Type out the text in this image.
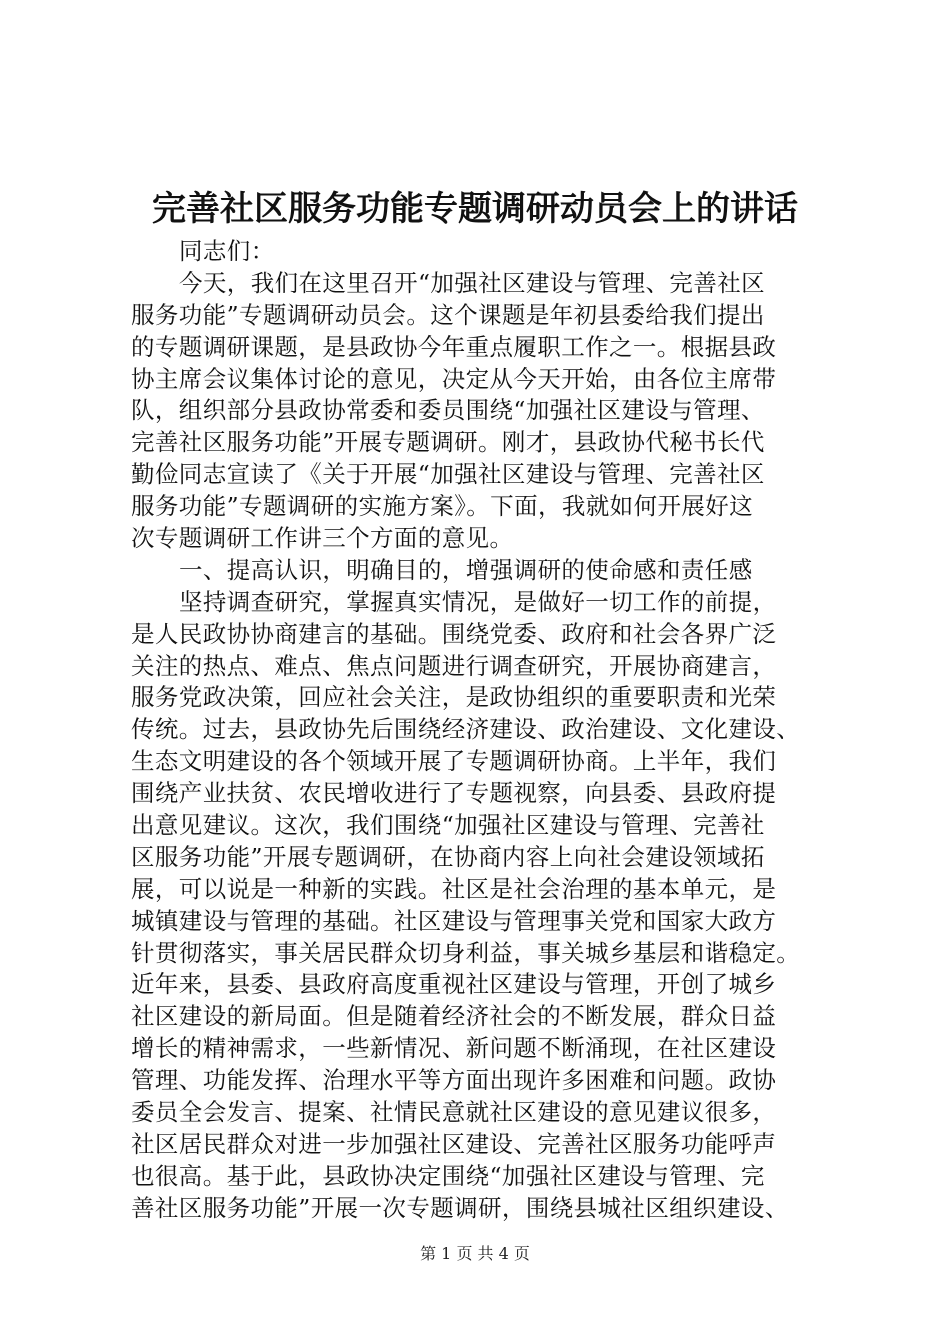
完善社区服务功能专题调研动员会上的讲话
同志们：
今天，我们在这里召开“加强社区建设与管理、完善社区
服务功能”专题调研动员会。这个课题是年初县委给我们提出
的专题调研课题，是县政协今年重点履职工作之一。根据县政
协主席会议集体讨论的意见，决定从今天开始，由各位主席带
队，组织部分县政协常委和委员围绕“加强社区建设与管理、
完善社区服务功能”开展专题调研。刚才，县政协代秘书长代
勤俭同志宣读了《关于开展“加强社区建设与管理、完善社区
服务功能”专题调研的实施方案》。下面，我就如何开展好这
次专题调研工作讲三个方面的意见。
一、提高认识，明确目的，增强调研的使命感和责任感
坚持调查研究，掌握真实情况，是做好一切工作的前提，
是人民政协协商建言的基础。围绕党委、政府和社会各界广泛
关注的热点、难点、焦点问题进行调查研究，开展协商建言，
服务党政决策，回应社会关注，是政协组织的重要职责和光荣
传统。过去，县政协先后围绕经济建设、政治建设、文化建设、
生态文明建设的各个领域开展了专题调研协商。上半年，我们
围绕产业扶贫、农民增收进行了专题视察，向县委、县政府提
出意见建议。这次，我们围绕“加强社区建设与管理、完善社
区服务功能”开展专题调研，在协商内容上向社会建设领域拓
展，可以说是一种新的实践。社区是社会治理的基本单元，是
城镇建设与管理的基础。社区建设与管理事关党和国家大政方
针贯彻落实，事关居民群众切身利益，事关城乡基层和谐稳定。
近年来，县委、县政府高度重视社区建设与管理，开创了城乡
社区建设的新局面。但是随着经济社会的不断发展，群众日益
增长的精神需求，一些新情况、新问题不断涌现，在社区建设
管理、功能发挥、治理水平等方面出现许多困难和问题。政协
委员全会发言、提案、社情民意就社区建设的意见建议很多，
社区居民群众对进一步加强社区建设、完善社区服务功能呼声
也很高。基于此，县政协决定围绕“加强社区建设与管理、完
善社区服务功能”开展一次专题调研，围绕县城社区组织建设、
第 1 页 共 4 页
